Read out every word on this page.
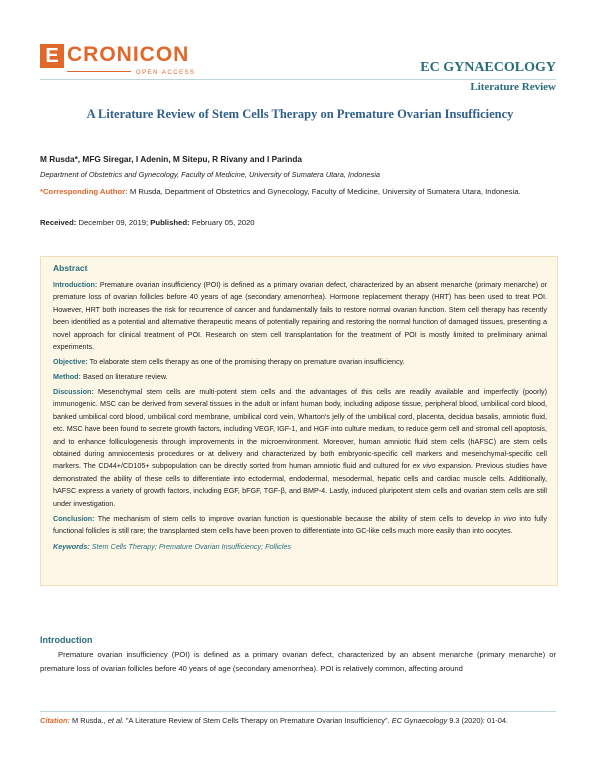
E CRONICON
OPEN ACCESS	EC GYNAECOLOGY
Literature Review
A Literature Review of Stem Cells Therapy on Premature Ovarian Insufficiency
M Rusda*, MFG Siregar, I Adenin, M Sitepu, R Rivany and I Parinda
Department of Obstetrics and Gynecology, Faculty of Medicine, University of Sumatera Utara, Indonesia
*Corresponding Author: M Rusda, Department of Obstetrics and Gynecology, Faculty of Medicine, University of Sumatera Utara, Indonesia.
Received: December 09, 2019; Published: February 05, 2020
Abstract
Introduction: Premature ovarian insufficiency (POI) is defined as a primary ovarian defect, characterized by an absent menarche (primary menarche) or premature loss of ovarian follicles before 40 years of age (secondary amenorrhea). Hormone replacement therapy (HRT) has been used to treat POI. However, HRT both increases the risk for recurrence of cancer and fundamentally fails to restore normal ovarian function. Stem cell therapy has recently been identified as a potential and alternative therapeutic means of potentially repairing and restoring the normal function of damaged tissues, presenting a novel approach for clinical treatment of POI. Research on stem cell transplantation for the treatment of POI is mostly limited to preliminary animal experiments.
Objective: To elaborate stem cells therapy as one of the promising therapy on premature ovarian insufficiency.
Method: Based on literature review.
Discussion: Mesenchymal stem cells are multi-potent stem cells and the advantages of this cells are readily available and imperfectly (poorly) immunogenic. MSC can be derived from several tissues in the adult or infant human body, including adipose tissue, peripheral blood, umbilical cord blood, banked umbilical cord blood, umbilical cord membrane, umbilical cord vein, Wharton's jelly of the umbilical cord, placenta, decidua basalis, amniotic fluid, etc. MSC have been found to secrete growth factors, including VEGF, IGF-1, and HGF into culture medium, to reduce germ cell and stromal cell apoptosis, and to enhance folliculogenesis through improvements in the microenvironment. Moreover, human amniotic fluid stem cells (hAFSC) are stem cells obtained during amniocentesis procedures or at delivery and characterized by both embryonic-specific cell markers and mesenchymal-specific cell markers. The CD44+/CD105+ subpopulation can be directly sorted from human amniotic fluid and cultured for ex vivo expansion. Previous studies have demonstrated the ability of these cells to differentiate into ectodermal, endodermal, mesodermal, hepatic cells and cardiac muscle cells. Additionally, hAFSC express a variety of growth factors, including EGF, bFGF, TGF-β, and BMP-4. Lastly, induced pluripotent stem cells and ovarian stem cells are still under investigation.
Conclusion: The mechanism of stem cells to improve ovarian function is questionable because the ability of stem cells to develop in vivo into fully functional follicles is still rare; the transplanted stem cells have been proven to differentiate into GC-like cells much more easily than into oocytes.
Keywords: Stem Cells Therapy; Premature Ovarian Insufficiency; Follicles
Introduction
Premature ovarian insufficiency (POI) is defined as a primary ovarian defect, characterized by an absent menarche (primary menarche) or premature loss of ovarian follicles before 40 years of age (secondary amenorrhea). POI is relatively common, affecting around
Citation: M Rusda., et al. "A Literature Review of Stem Cells Therapy on Premature Ovarian Insufficiency". EC Gynaecology 9.3 (2020): 01-04.
